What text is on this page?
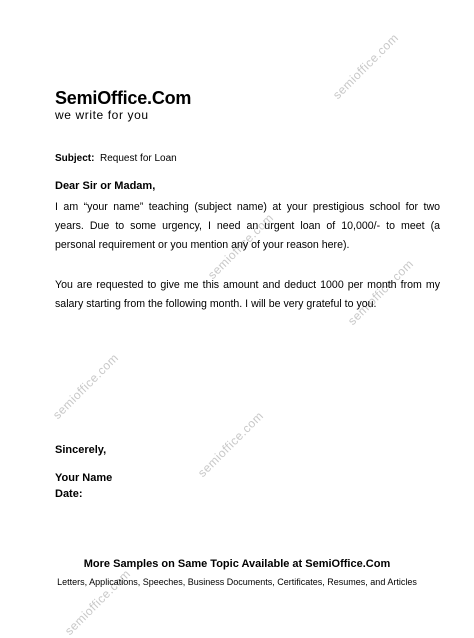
semioffice.com
semioffice.com
semioffice.com
semioffice.com
semioffice.com
semioffice.com
SemiOffice.Com
we write for you
Subject: Request for Loan
Dear Sir or Madam,
I am “your name” teaching (subject name) at your prestigious school for two years. Due to some urgency, I need an urgent loan of 10,000/- to meet (a personal requirement or you mention any of your reason here).
You are requested to give me this amount and deduct 1000 per month from my salary starting from the following month. I will be very grateful to you.
Sincerely,
Your Name
Date:
More Samples on Same Topic Available at SemiOffice.Com
Letters, Applications, Speeches, Business Documents, Certificates, Resumes, and Articles
